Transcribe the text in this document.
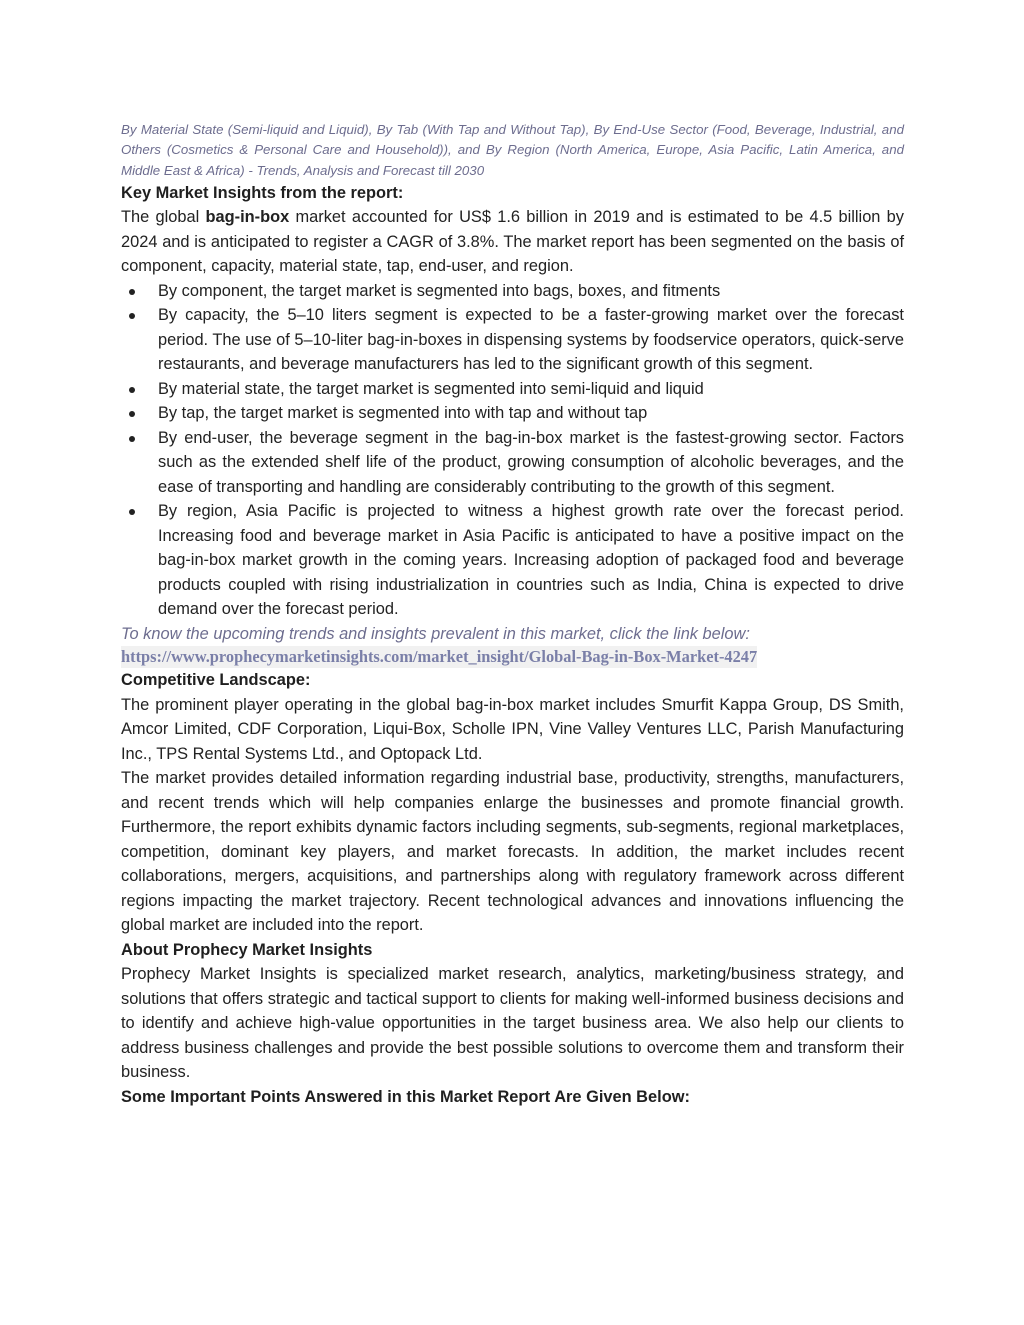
By Material State (Semi-liquid and Liquid), By Tab (With Tap and Without Tap), By End-Use Sector (Food, Beverage, Industrial, and Others (Cosmetics & Personal Care and Household)), and By Region (North America, Europe, Asia Pacific, Latin America, and Middle East & Africa) - Trends, Analysis and Forecast till 2030

Key Market Insights from the report:

The global bag-in-box market accounted for US$ 1.6 billion in 2019 and is estimated to be 4.5 billion by 2024 and is anticipated to register a CAGR of 3.8%. The market report has been segmented on the basis of component, capacity, material state, tap, end-user, and region.

By component, the target market is segmented into bags, boxes, and fitments
By capacity, the 5–10 liters segment is expected to be a faster-growing market over the forecast period. The use of 5–10-liter bag-in-boxes in dispensing systems by foodservice operators, quick-serve restaurants, and beverage manufacturers has led to the significant growth of this segment.
By material state, the target market is segmented into semi-liquid and liquid
By tap, the target market is segmented into with tap and without tap
By end-user, the beverage segment in the bag-in-box market is the fastest-growing sector. Factors such as the extended shelf life of the product, growing consumption of alcoholic beverages, and the ease of transporting and handling are considerably contributing to the growth of this segment.
By region, Asia Pacific is projected to witness a highest growth rate over the forecast period. Increasing food and beverage market in Asia Pacific is anticipated to have a positive impact on the bag-in-box market growth in the coming years. Increasing adoption of packaged food and beverage products coupled with rising industrialization in countries such as India, China is expected to drive demand over the forecast period.

To know the upcoming trends and insights prevalent in this market, click the link below:

https://www.prophecymarketinsights.com/market_insight/Global-Bag-in-Box-Market-4247

Competitive Landscape:

The prominent player operating in the global bag-in-box market includes Smurfit Kappa Group, DS Smith, Amcor Limited, CDF Corporation, Liqui-Box, Scholle IPN, Vine Valley Ventures LLC, Parish Manufacturing Inc., TPS Rental Systems Ltd., and Optopack Ltd.

The market provides detailed information regarding industrial base, productivity, strengths, manufacturers, and recent trends which will help companies enlarge the businesses and promote financial growth. Furthermore, the report exhibits dynamic factors including segments, sub-segments, regional marketplaces, competition, dominant key players, and market forecasts. In addition, the market includes recent collaborations, mergers, acquisitions, and partnerships along with regulatory framework across different regions impacting the market trajectory. Recent technological advances and innovations influencing the global market are included into the report.

About Prophecy Market Insights

Prophecy Market Insights is specialized market research, analytics, marketing/business strategy, and solutions that offers strategic and tactical support to clients for making well-informed business decisions and to identify and achieve high-value opportunities in the target business area. We also help our clients to address business challenges and provide the best possible solutions to overcome them and transform their business.

Some Important Points Answered in this Market Report Are Given Below:
